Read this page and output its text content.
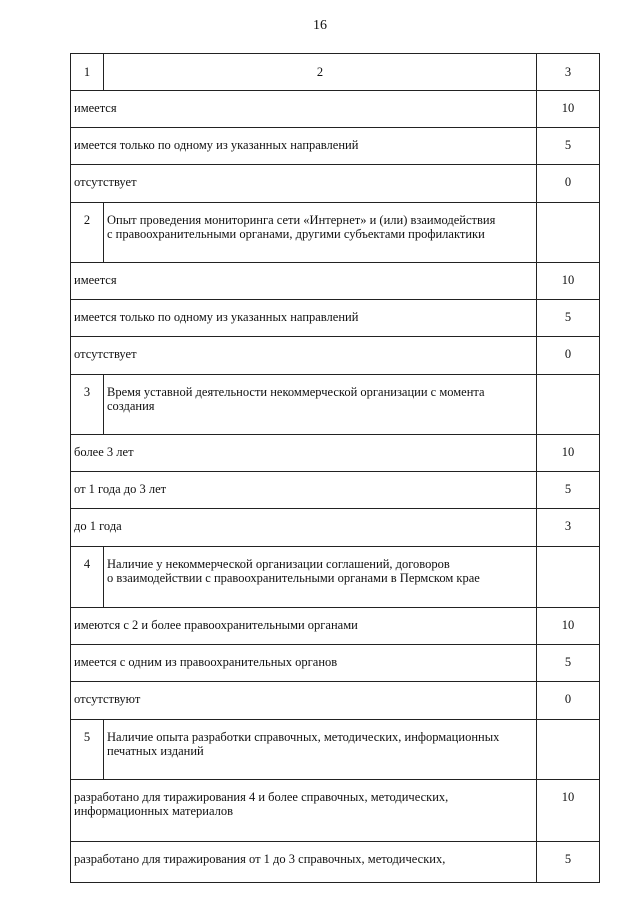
16
1	2	3
имеется		10
имеется только по одному из указанных направлений		5
отсутствует		0
2	Опыт проведения мониторинга сети «Интернет» и (или) взаимодействия
с правоохранительными органами, другими субъектами профилактики	
имеется		10
имеется только по одному из указанных направлений		5
отсутствует		0
3	Время уставной деятельности некоммерческой организации с момента
создания	
более 3 лет		10
от 1 года до 3 лет		5
до 1 года		3
4	Наличие у некоммерческой организации соглашений, договоров
о взаимодействии с правоохранительными органами в Пермском крае	
имеются с 2 и более правоохранительными органами		10
имеется с одним из правоохранительных органов		5
отсутствуют		0
5	Наличие опыта разработки справочных, методических, информационных
печатных изданий	
разработано для тиражирования 4 и более справочных, методических,
информационных материалов		10
разработано для тиражирования от 1 до 3 справочных, методических,		5
